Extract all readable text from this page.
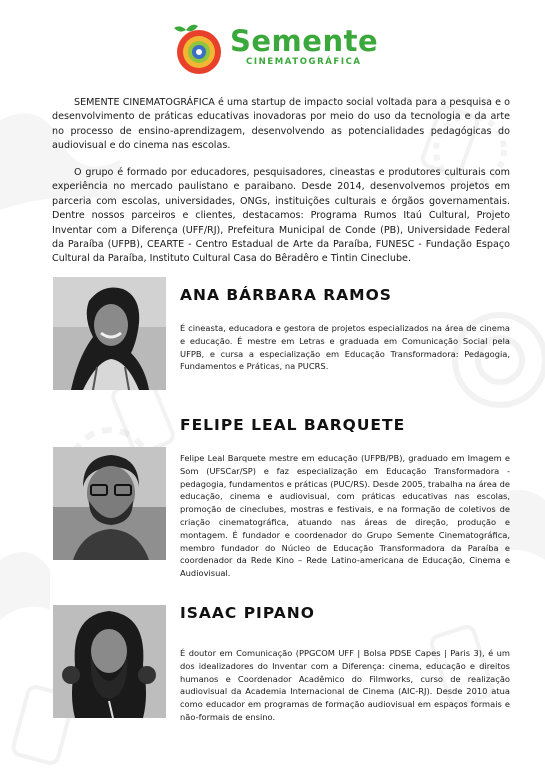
Semente
CINEMATOGRÁFICA

SEMENTE CINEMATOGRÁFICA é uma startup de impacto social voltada para a pesquisa e o desenvolvimento de práticas educativas inovadoras por meio do uso da tecnologia e da arte no processo de ensino-aprendizagem, desenvolvendo as potencialidades pedagógicas do audiovisual e do cinema nas escolas.

O grupo é formado por educadores, pesquisadores, cineastas e produtores culturais com experiência no mercado paulistano e paraibano. Desde 2014, desenvolvemos projetos em parceria com escolas, universidades, ONGs, instituições culturais e órgãos governamentais. Dentre nossos parceiros e clientes, destacamos: Programa Rumos Itaú Cultural, Projeto Inventar com a Diferença (UFF/RJ), Prefeitura Municipal de Conde (PB), Universidade Federal da Paraíba (UFPB), CEARTE - Centro Estadual de Arte da Paraíba, FUNESC - Fundação Espaço Cultural da Paraíba, Instituto Cultural Casa do Bêradêro e Tintin Cineclube.

ANA BÁRBARA RAMOS

É cineasta, educadora e gestora de projetos especializados na área de cinema e educação. É mestre em Letras e graduada em Comunicação Social pela UFPB, e cursa a especialização em Educação Transformadora: Pedagogia, Fundamentos e Práticas, na PUCRS.

FELIPE LEAL BARQUETE

Felipe Leal Barquete mestre em educação (UFPB/PB), graduado em Imagem e Som (UFSCar/SP) e faz especialização em Educação Transformadora - pedagogia, fundamentos e práticas (PUC/RS). Desde 2005, trabalha na área de educação, cinema e audiovisual, com práticas educativas nas escolas, promoção de cineclubes, mostras e festivais, e na formação de coletivos de criação cinematográfica, atuando nas áreas de direção, produção e montagem. É fundador e coordenador do Grupo Semente Cinematográfica, membro fundador do Núcleo de Educação Transformadora da Paraíba e coordenador da Rede Kino – Rede Latino-americana de Educação, Cinema e Audiovisual.

ISAAC PIPANO

É doutor em Comunicação (PPGCOM UFF | Bolsa PDSE Capes | Paris 3), é um dos idealizadores do Inventar com a Diferença: cinema, educação e direitos humanos e Coordenador Acadêmico do Filmworks, curso de realização audiovisual da Academia Internacional de Cinema (AIC-RJ). Desde 2010 atua como educador em programas de formação audiovisual em espaços formais e não-formais de ensino.
